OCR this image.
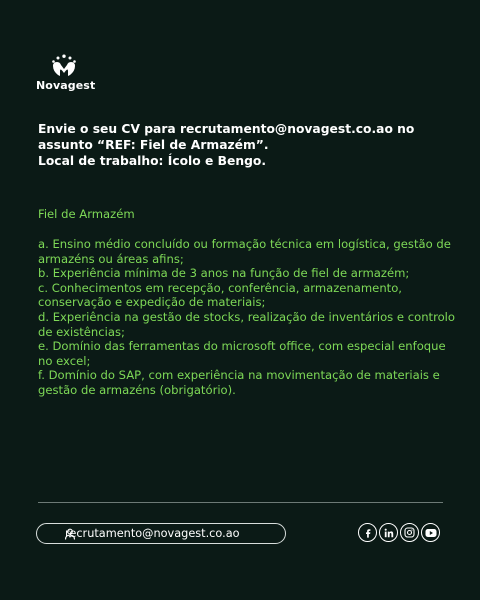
Novagest

Envie o seu CV para recrutamento@novagest.co.ao no
assunto “REF: Fiel de Armazém”.
Local de trabalho: Ícolo e Bengo.

Fiel de Armazém

a. Ensino médio concluído ou formação técnica em logística, gestão de armazéns ou áreas afins;
b. Experiência mínima de 3 anos na função de fiel de armazém;
c. Conhecimentos em recepção, conferência, armazenamento, conservação e expedição de materiais;
d. Experiência na gestão de stocks, realização de inventários e controlo de existências;
e. Domínio das ferramentas do microsoft office, com especial enfoque no excel;
f. Domínio do SAP, com experiência na movimentação de materiais e gestão de armazéns (obrigatório).
recrutamento@novagest.co.ao
